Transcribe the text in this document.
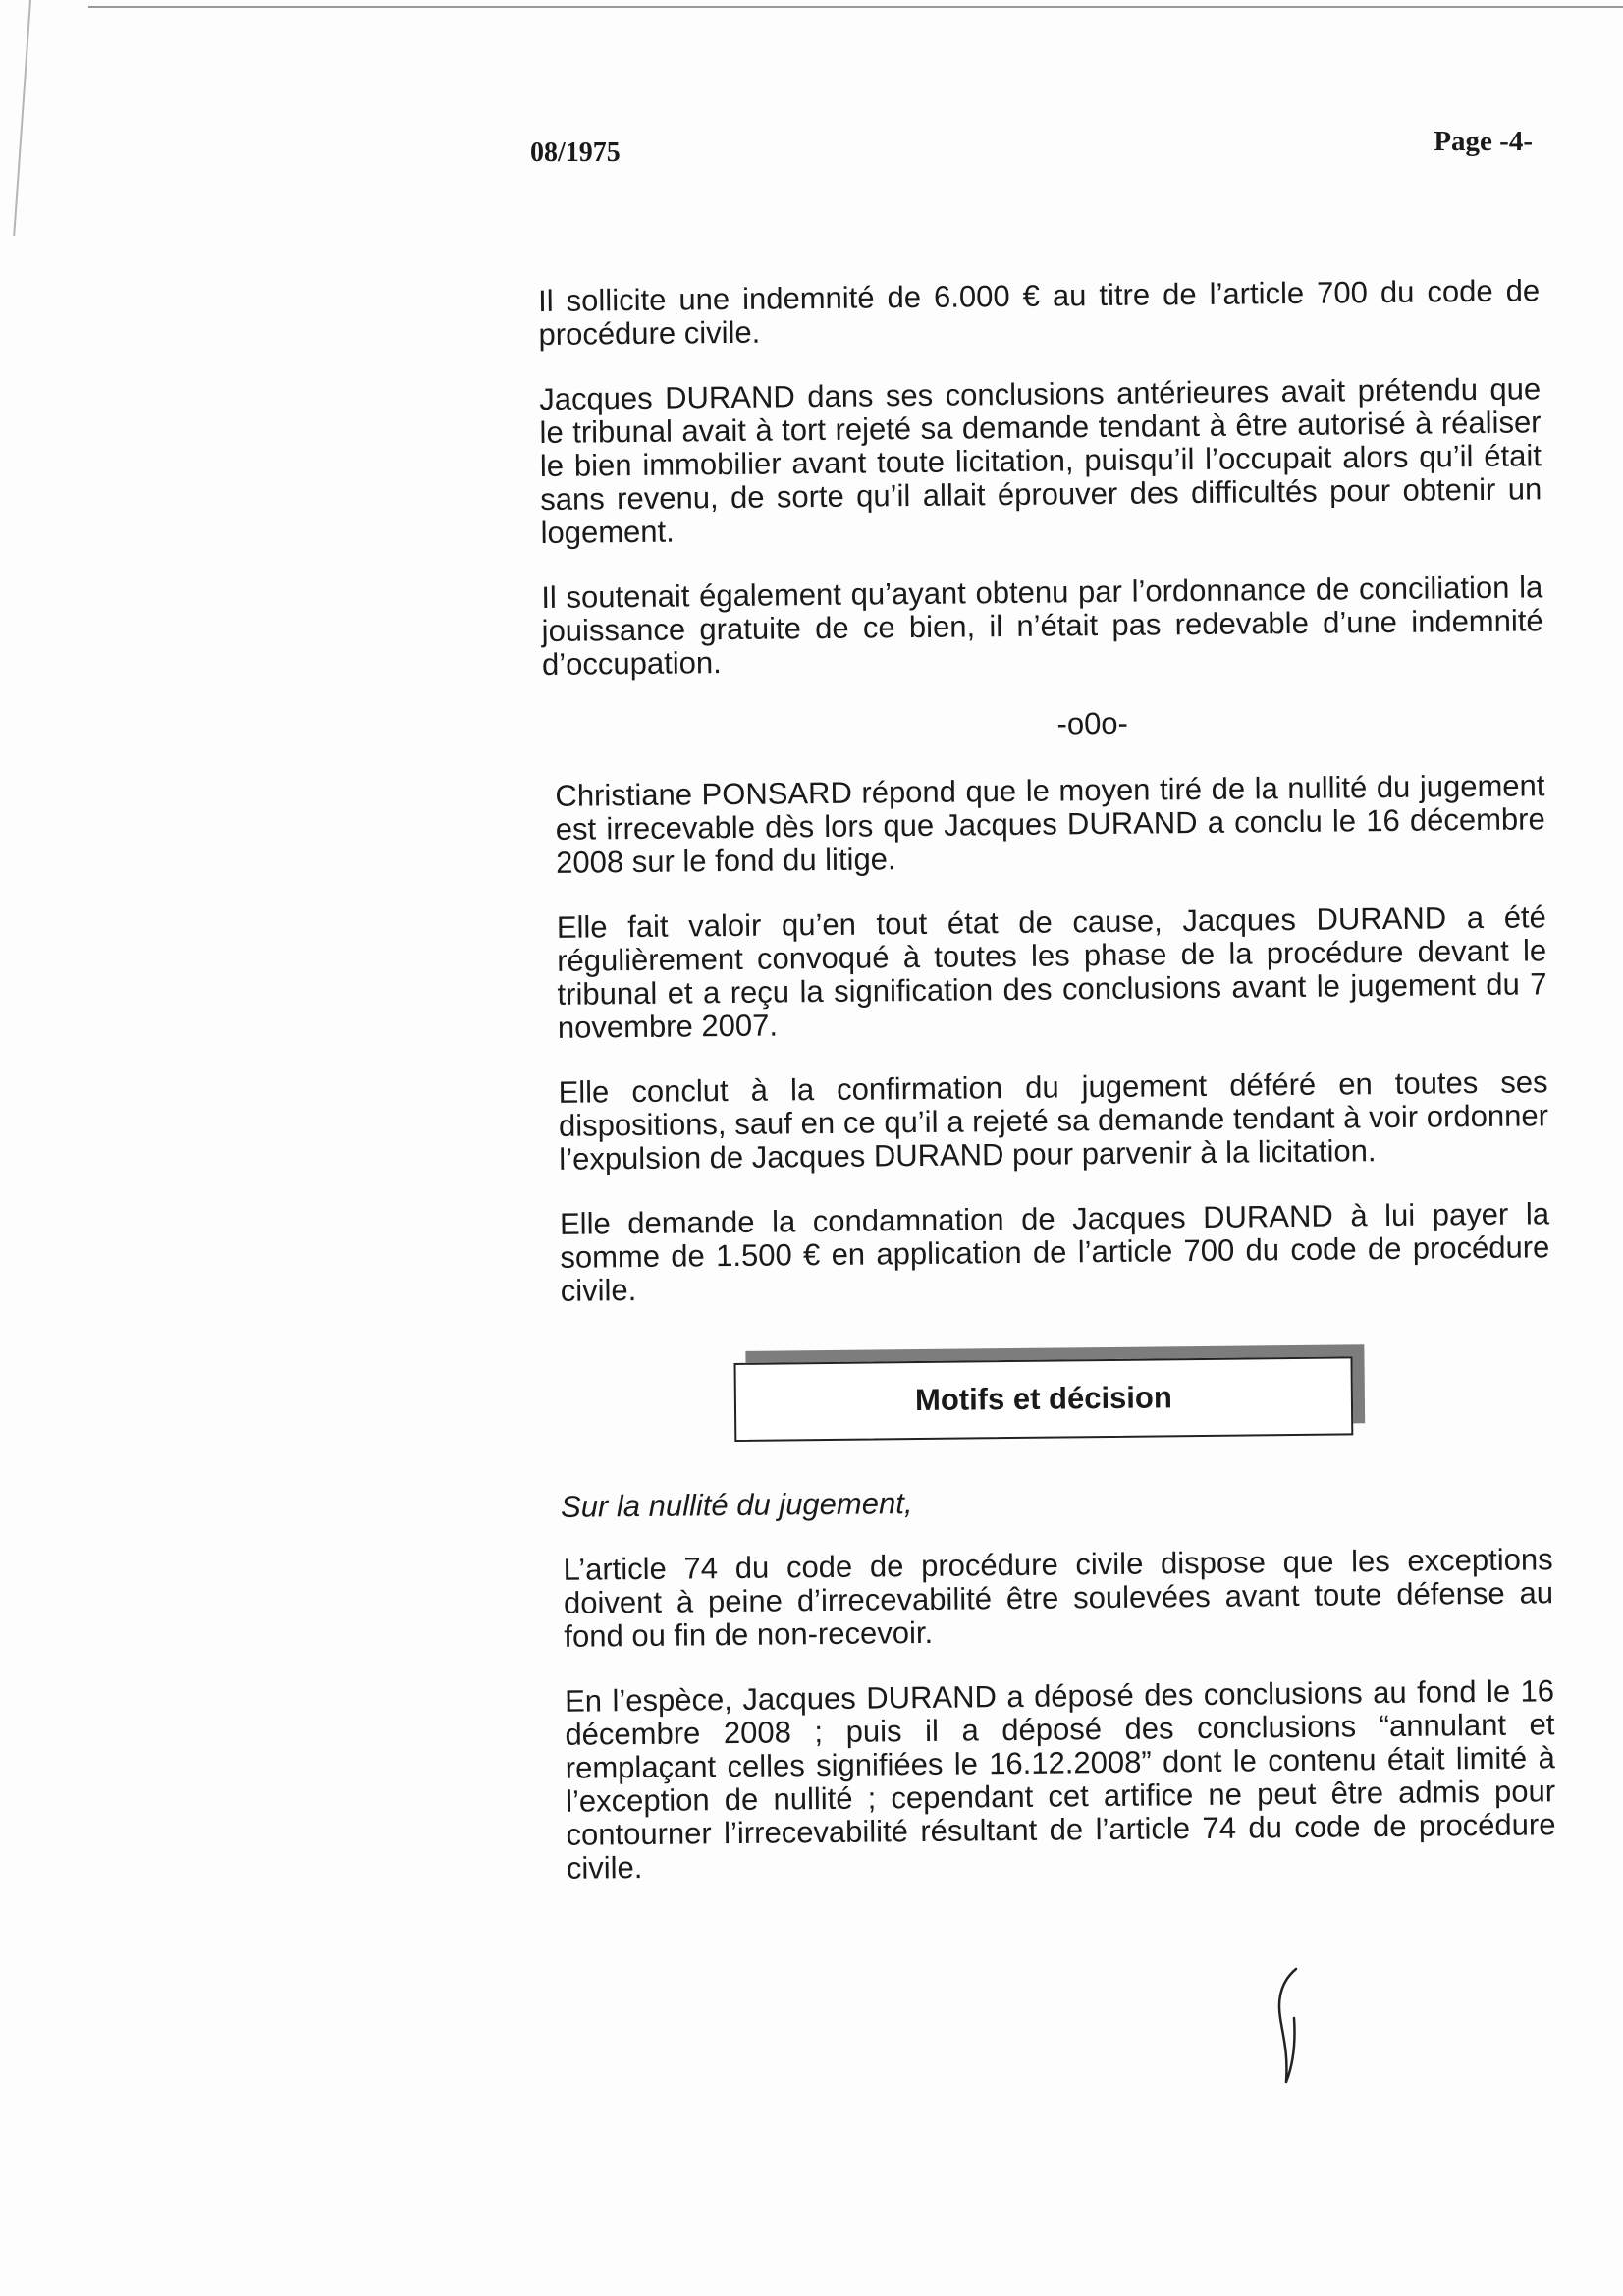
08/1975	Page -4-

Il sollicite une indemnité de 6.000 € au titre de l’article 700 du code de procédure civile.

Jacques DURAND dans ses conclusions antérieures avait prétendu que le tribunal avait à tort rejeté sa demande tendant à être autorisé à réaliser le bien immobilier avant toute licitation, puisqu’il l’occupait alors qu’il était sans revenu, de sorte qu’il allait éprouver des difficultés pour obtenir un logement.

Il soutenait également qu’ayant obtenu par l’ordonnance de conciliation la jouissance gratuite de ce bien, il n’était pas redevable d’une indemnité d’occupation.

-o0o-

Christiane PONSARD répond que le moyen tiré de la nullité du jugement est irrecevable dès lors que Jacques DURAND a conclu le 16 décembre 2008 sur le fond du litige.

Elle fait valoir qu’en tout état de cause, Jacques DURAND a été régulièrement convoqué à toutes les phase de la procédure devant le tribunal et a reçu la signification des conclusions avant le jugement du 7 novembre 2007.

Elle conclut à la confirmation du jugement déféré en toutes ses dispositions, sauf en ce qu’il a rejeté sa demande tendant à voir ordonner l’expulsion de Jacques DURAND pour parvenir à la licitation.

Elle demande la condamnation de Jacques DURAND à lui payer la somme de 1.500 € en application de l’article 700 du code de procédure civile.

Motifs et décision

Sur la nullité du jugement,

L’article 74 du code de procédure civile dispose que les exceptions doivent à peine d’irrecevabilité être soulevées avant toute défense au fond ou fin de non-recevoir.

En l’espèce, Jacques DURAND a déposé des conclusions au fond le 16 décembre 2008 ; puis il a déposé des conclusions “annulant et remplaçant celles signifiées le 16.12.2008” dont le contenu était limité à l’exception de nullité ; cependant cet artifice ne peut être admis pour contourner l’irrecevabilité résultant de l’article 74 du code de procédure civile.
